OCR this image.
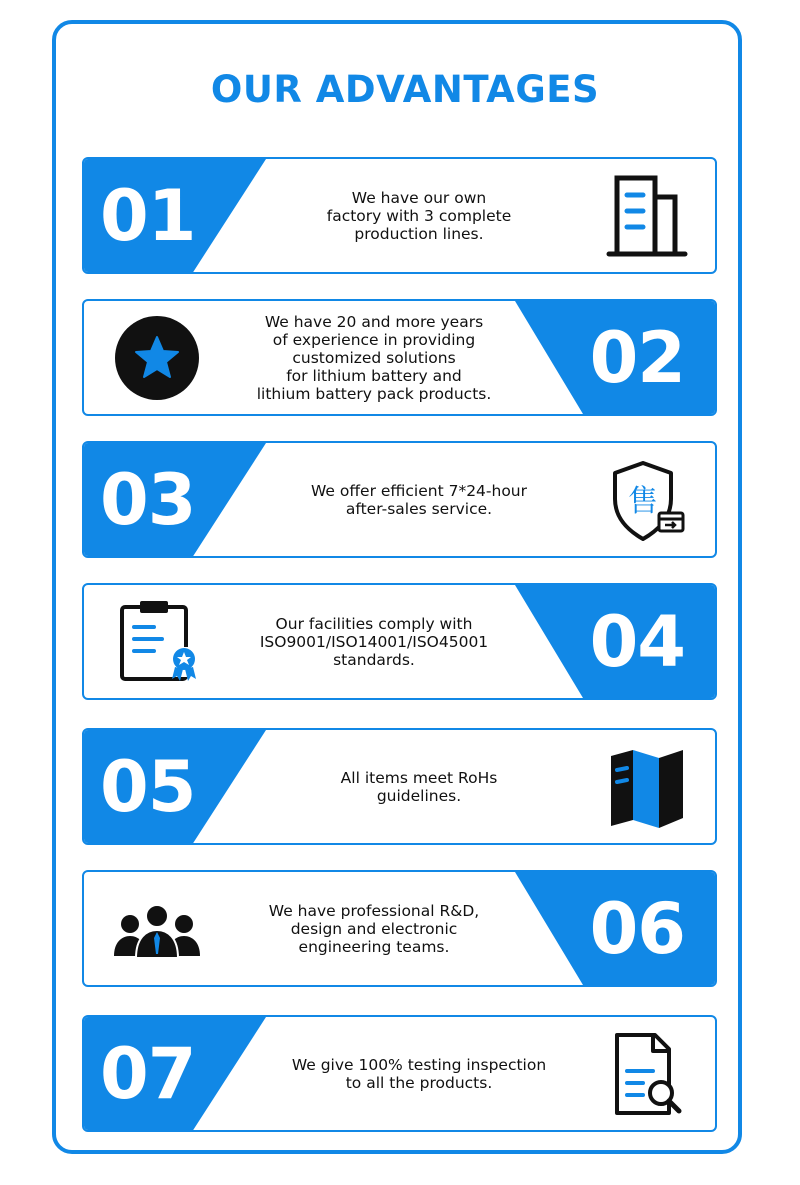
OUR ADVANTAGES
01	We have our own
factory with 3 complete
production lines.
02
We have 20 and more years
of experience in providing
customized solutions
for lithium battery and
lithium battery pack products.
03	We offer efficient 7*24-hour
after-sales service.	售
04
Our facilities comply with
ISO9001/ISO14001/ISO45001
standards.
05	All items meet RoHs
guidelines.
06
We have professional R&D,
design and electronic
engineering teams.
07	We give 100% testing inspection
to all the products.
